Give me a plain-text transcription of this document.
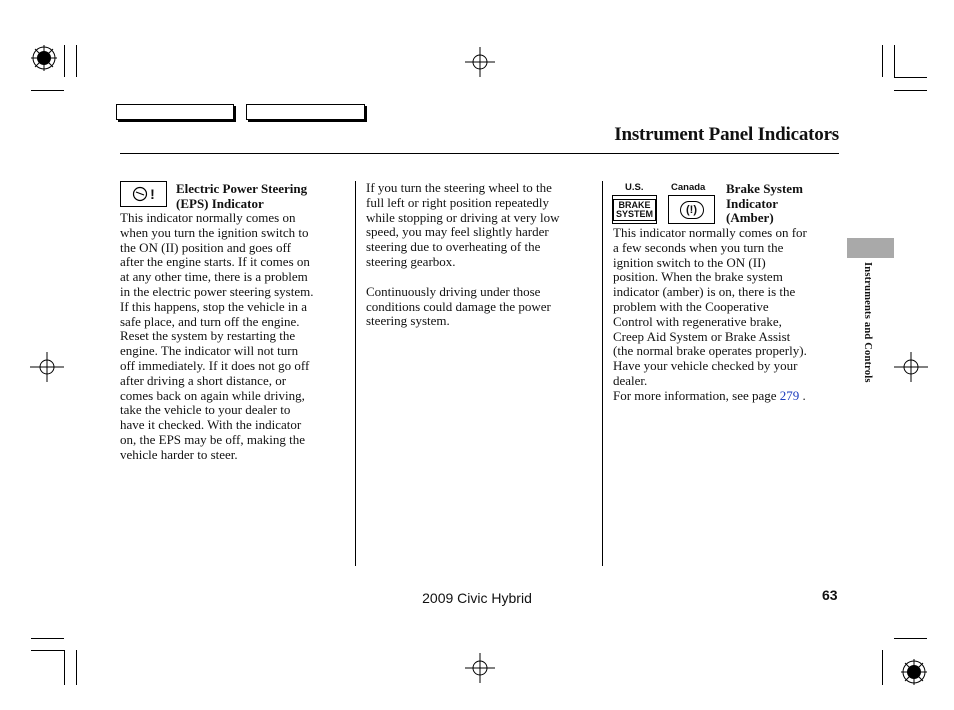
Instrument Panel Indicators
! Electric Power Steering
(EPS) Indicator
This indicator normally comes on
when you turn the ignition switch to
the ON (II) position and goes off
after the engine starts. If it comes on
at any other time, there is a problem
in the electric power steering system.
If this happens, stop the vehicle in a
safe place, and turn off the engine.
Reset the system by restarting the
engine. The indicator will not turn
off immediately. If it does not go off
after driving a short distance, or
comes back on again while driving,
take the vehicle to your dealer to
have it checked. With the indicator
on, the EPS may be off, making the
vehicle harder to steer.
If you turn the steering wheel to the
full left or right position repeatedly
while stopping or driving at very low
speed, you may feel slightly harder
steering due to overheating of the
steering gearbox.
Continuously driving under those
conditions could damage the power
steering system.
U.S.	Canada
BRAKE
SYSTEM	(!)
Brake System
Indicator
(Amber)
This indicator normally comes on for
a few seconds when you turn the
ignition switch to the ON (II)
position. When the brake system
indicator (amber) is on, there is the
problem with the Cooperative
Control with regenerative brake,
Creep Aid System or Brake Assist
(the normal brake operates properly).
Have your vehicle checked by your
dealer.
For more information, see page 279 .
Instruments and Controls
2009 Civic Hybrid	63
